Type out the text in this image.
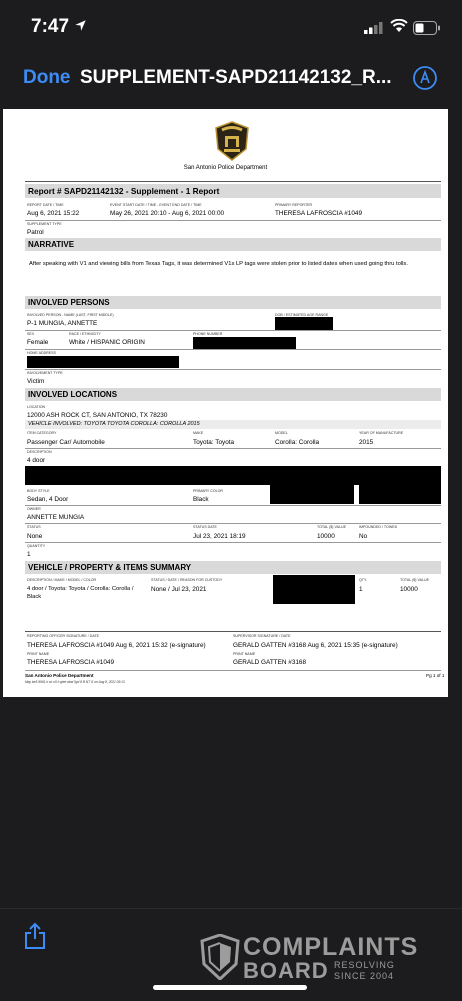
7:47
Done SUPPLEMENT-SAPD21142132_R...
San Antonio Police Department
Report # SAPD21142132 - Supplement - 1 Report
REPORT DATE / TIME
Aug 6, 2021 15:22
EVENT START DATE / TIME - EVENT END DATE / TIME
May 26, 2021 20:10 - Aug 6, 2021 00:00
PRIMARY REPORTER
THERESA LAFROSCIA #1049
SUPPLEMENT TYPE
Patrol
NARRATIVE
After speaking with V1 and viewing bills from Texas Tags, it was determined V1s LP tags were stolen prior to listed dates when used going thru tolls.
INVOLVED PERSONS
INVOLVED PERSON - NAME (LAST, FIRST MIDDLE)
P-1 MUNGIA, ANNETTE
DOB / ESTIMATED AGE RANGE
SEX
Female
RACE / ETHNICITY
White / HISPANIC ORIGIN
PHONE NUMBER
HOME ADDRESS
INVOLVEMENT TYPE
Victim
INVOLVED LOCATIONS
LOCATION
12000 ASH ROCK CT, SAN ANTONIO, TX 78230
VEHICLE INVOLVED: TOYOTA TOYOTA COROLLA: COROLLA 2015
ITEM CATEGORY
Passenger Car/ Automobile
MAKE
Toyota: Toyota
MODEL
Corolla: Corolla
YEAR OF MANUFACTURE
2015
DESCRIPTION
4 door
BODY STYLE
Sedan, 4 Door
PRIMARY COLOR
Black
OWNER
ANNETTE MUNGIA
STATUS
None
STATUS DATE
Jul 23, 2021 18:19
TOTAL ($) VALUE
10000
IMPOUNDED / TOWED
No
QUANTITY
1
VEHICLE / PROPERTY & ITEMS SUMMARY
DESCRIPTION / MAKE / MODEL / COLOR
4 door / Toyota: Toyota / Corolla: Corolla / Black
STATUS / DATE / REASON FOR CUSTODY
None / Jul 23, 2021
QTY.
1
TOTAL ($) VALUE
10000
REPORTING OFFICER SIGNATURE / DATE
THERESA LAFROSCIA #1049 Aug 6, 2021 15:32 (e-signature)
PRINT NAME
THERESA LAFROSCIA #1049
SUPERVISOR SIGNATURE / DATE
GERALD GATTEN #3168 Aug 6, 2021 15:35 (e-signature)
PRINT NAME
GERALD GATTEN #3168
San Antonio Police Department
May be5-9991 ri sh o5 h glee alod 5yd 8 B NT G on Aug 8, 2021 09:13
Pg 1 of 1
COMPLAINTS
BOARD RESOLVING
SINCE 2004
